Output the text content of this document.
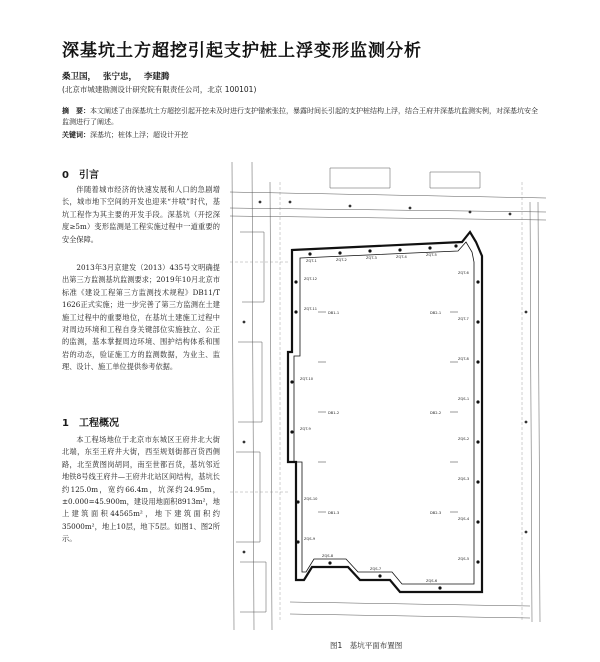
深基坑土方超挖引起支护桩上浮变形监测分析
桑卫国， 张宁忠， 李建腾
(北京市城建勘测设计研究院有限责任公司，北京 100101)
摘　要：本文阐述了由深基坑土方超挖引起开挖未及时进行支护锚索张拉，暴露时间长引起的支护桩结构上浮，结合王府井深基坑监测实例，对深基坑安全监测进行了阐述。
关键词：深基坑；桩体上浮；超设计开挖
0　引言

伴随着城市经济的快速发展和人口的急剧增长，城市地下空间的开发也迎来“井喷”时代，基坑工程作为其主要的开发手段。深基坑（开挖深度≥5m）变形监测是工程实施过程中一道重要的安全保障。

2013年3月京建发（2013）435号文明确提出第三方监测基坑监测要求；2019年10月北京市标准《建设工程第三方监测技术规程》DB11/T 1626正式实施；进一步完善了第三方监测在土建施工过程中的重要地位，在基坑土建施工过程中对周边环境和工程自身关键部位实施独立、公正的监测，基本掌握周边环境、围护结构体系和围岩的动态，验证施工方的监测数据，为业主、监理、设计、施工单位提供参考依据。

1　工程概况

本工程场地位于北京市东城区王府井北大街北端，东至王府井大街，西至规划街都百货西侧路，北至黄图岗胡同，南至世都百货，基坑邻近地铁8号线王府井—王府井北站区间结构，基坑长约125.0m，宽约66.4m，坑深约24.95m，±0.000=45.900m，建设用地面积8913m²，地上建筑面积44565m²，地下建筑面积约35000m²，地上10层，地下5层。如图1、图2所示。

ZQT-1	ZQT-2	ZQT-3	ZQT-4	ZQT-5
ZQT-6
ZQT-7
ZQT-8
ZQS-1
ZQS-2
ZQS-3
ZQS-4
ZQS-5
ZQS-6
ZQS-7
ZQS-8
ZQS-9
ZQS-10
ZQT-9
ZQT-10
ZQT-11
ZQT-12
DB1-1
DB1-2
DB1-3
DB2-1
DB2-2
DB2-3
图1　基坑平面布置图
